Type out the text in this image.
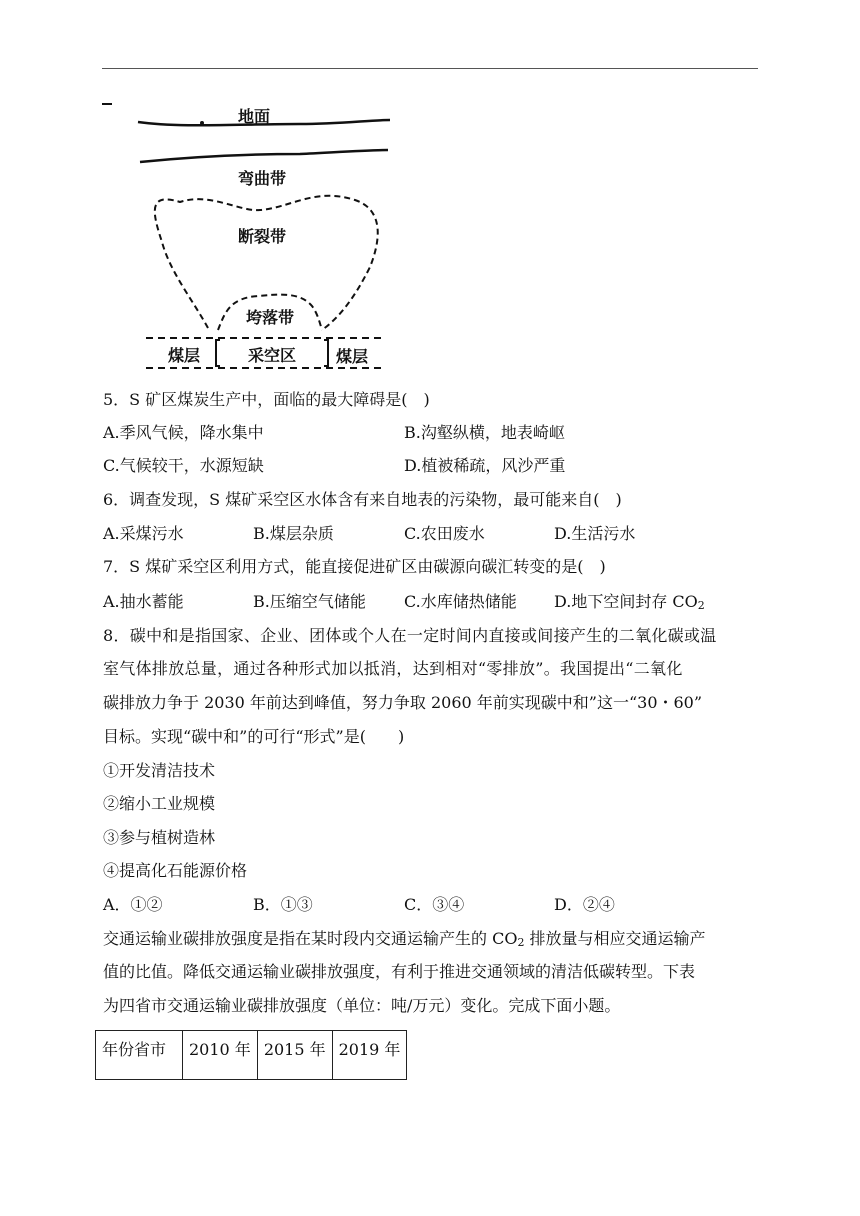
地面
弯曲带
断裂带
垮落带
煤层	采空区 煤层
5．S 矿区煤炭生产中，面临的最大障碍是(　)
A.季风气候，降水集中	B.沟壑纵横，地表崎岖
C.气候较干，水源短缺	D.植被稀疏，风沙严重
6．调查发现，S 煤矿采空区水体含有来自地表的污染物，最可能来自(　)
A.采煤污水	B.煤层杂质	C.农田废水	D.生活污水
7．S 煤矿采空区利用方式，能直接促进矿区由碳源向碳汇转变的是(　)
A.抽水蓄能	B.压缩空气储能 C.水库储热储能 D.地下空间封存 $CO_2$
8．碳中和是指国家、企业、团体或个人在一定时间内直接或间接产生的二氧化碳或温
室气体排放总量，通过各种形式加以抵消，达到相对“零排放”。我国提出“二氧化
碳排放力争于 2030 年前达到峰值，努力争取 2060 年前实现碳中和”这一“30・60”
目标。实现“碳中和”的可行“形式”是(　　)
①开发清洁技术
②缩小工业规模
③参与植树造林
④提高化石能源价格
A．①②	B．①③	C．③④	D．②④
交通运输业碳排放强度是指在某时段内交通运输产生的 $CO_2$ 排放量与相应交通运输产
值的比值。降低交通运输业碳排放强度，有利于推进交通领域的清洁低碳转型。下表
为四省市交通运输业碳排放强度（单位：吨/万元）变化。完成下面小题。
年份省市	2010 年	2015 年	2019 年
